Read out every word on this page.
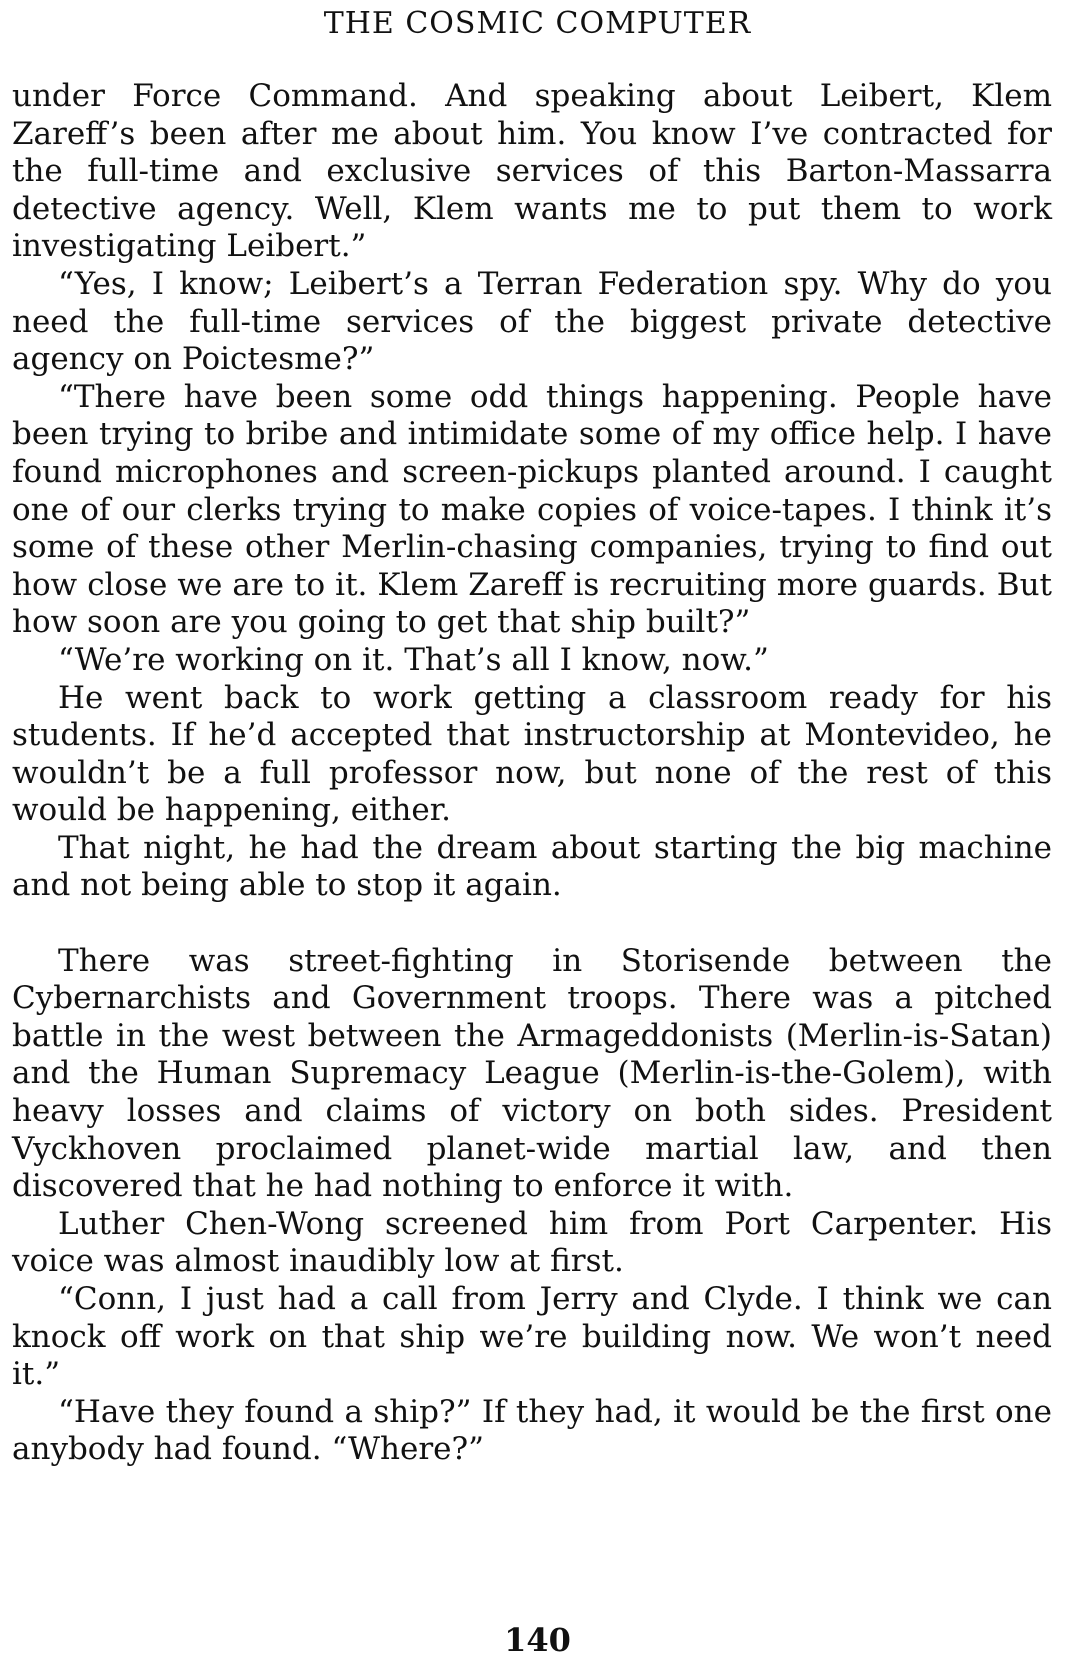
THE COSMIC COMPUTER

under Force Command. And speaking about Leibert, Klem Zareff’s been after me about him. You know I’ve contracted for the full-time and exclusive services of this Barton-Massarra detective agency. Well, Klem wants me to put them to work investigating Leibert.”

“Yes, I know; Leibert’s a Terran Federation spy. Why do you need the full-time services of the biggest private detective agency on Poictesme?”

“There have been some odd things happening. People have been trying to bribe and intimidate some of my office help. I have found microphones and screen-pickups planted around. I caught one of our clerks trying to make copies of voice-tapes. I think it’s some of these other Merlin-chasing companies, trying to find out how close we are to it. Klem Zareff is recruiting more guards. But how soon are you going to get that ship built?”

“We’re working on it. That’s all I know, now.”

He went back to work getting a classroom ready for his students. If he’d accepted that instructorship at Montevideo, he wouldn’t be a full professor now, but none of the rest of this would be happening, either.

That night, he had the dream about starting the big machine and not being able to stop it again.

There was street-fighting in Storisende between the Cybernarchists and Government troops. There was a pitched battle in the west between the Armageddonists (Merlin-is-Satan) and the Human Supremacy League (Merlin-is-the-Golem), with heavy losses and claims of victory on both sides. President Vyckhoven proclaimed planet-wide martial law, and then discovered that he had nothing to enforce it with.

Luther Chen-Wong screened him from Port Carpenter. His voice was almost inaudibly low at first.

“Conn, I just had a call from Jerry and Clyde. I think we can knock off work on that ship we’re building now. We won’t need it.”

“Have they found a ship?” If they had, it would be the first one anybody had found. “Where?”

140
